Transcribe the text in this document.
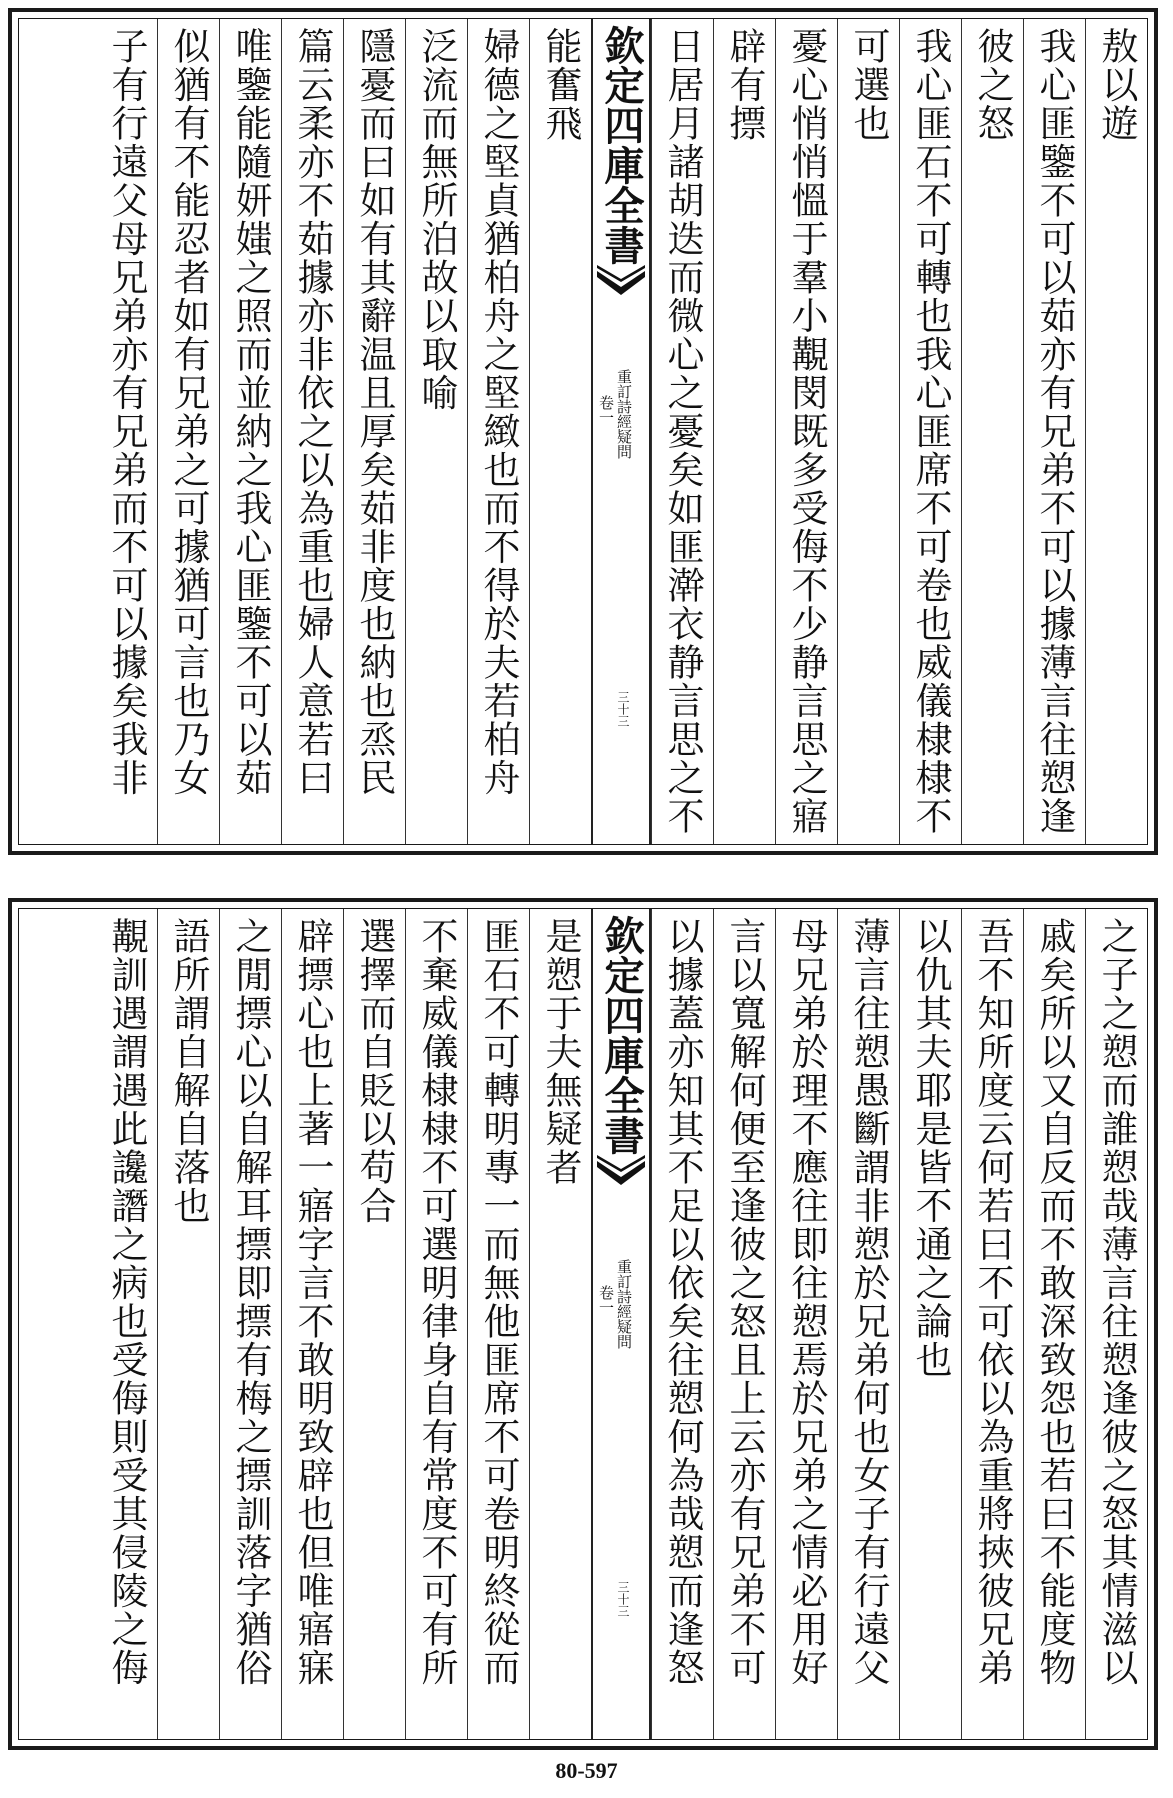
敖以遊
我心匪鑒不可以茹亦有兄弟不可以據薄言往愬逢
彼之怒
我心匪石不可轉也我心匪席不可卷也威儀棣棣不
可選也
憂心悄悄慍于羣小覯閔既多受侮不少静言思之寤
辟有摽
日居月諸胡迭而微心之憂矣如匪澣衣静言思之不
欽定四庫全書
重訂詩經疑問
卷一
三十三
能奮飛
婦德之堅貞猶柏舟之堅緻也而不得於夫若柏舟
泛流而無所泊故以取喻
隱憂而曰如有其辭温且厚矣茹非度也納也烝民
篇云柔亦不茹據亦非依之以為重也婦人意若曰
唯鑒能隨妍媸之照而並納之我心匪鑒不可以茹
似猶有不能忍者如有兄弟之可據猶可言也乃女
子有行遠父母兄弟亦有兄弟而不可以據矣我非
之子之愬而誰愬哉薄言往愬逢彼之怒其情滋以
戚矣所以又自反而不敢深致怨也若曰不能度物
吾不知所度云何若曰不可依以為重將挾彼兄弟
以仇其夫耶是皆不通之論也
薄言往愬愚斷謂非愬於兄弟何也女子有行遠父
母兄弟於理不應往即往愬焉於兄弟之情必用好
言以寬解何便至逢彼之怒且上云亦有兄弟不可
以據蓋亦知其不足以依矣往愬何為哉愬而逢怒
欽定四庫全書
重訂詩經疑問
卷一
三十三
是愬于夫無疑者
匪石不可轉明專一而無他匪席不可卷明終從而
不棄威儀棣棣不可選明律身自有常度不可有所
選擇而自貶以苟合
辟摽心也上著一寤字言不敢明致辟也但唯寤寐
之閒摽心以自解耳摽即摽有梅之摽訓落字猶俗
語所謂自解自落也
覯訓遇謂遇此讒譖之病也受侮則受其侵陵之侮
80-597
